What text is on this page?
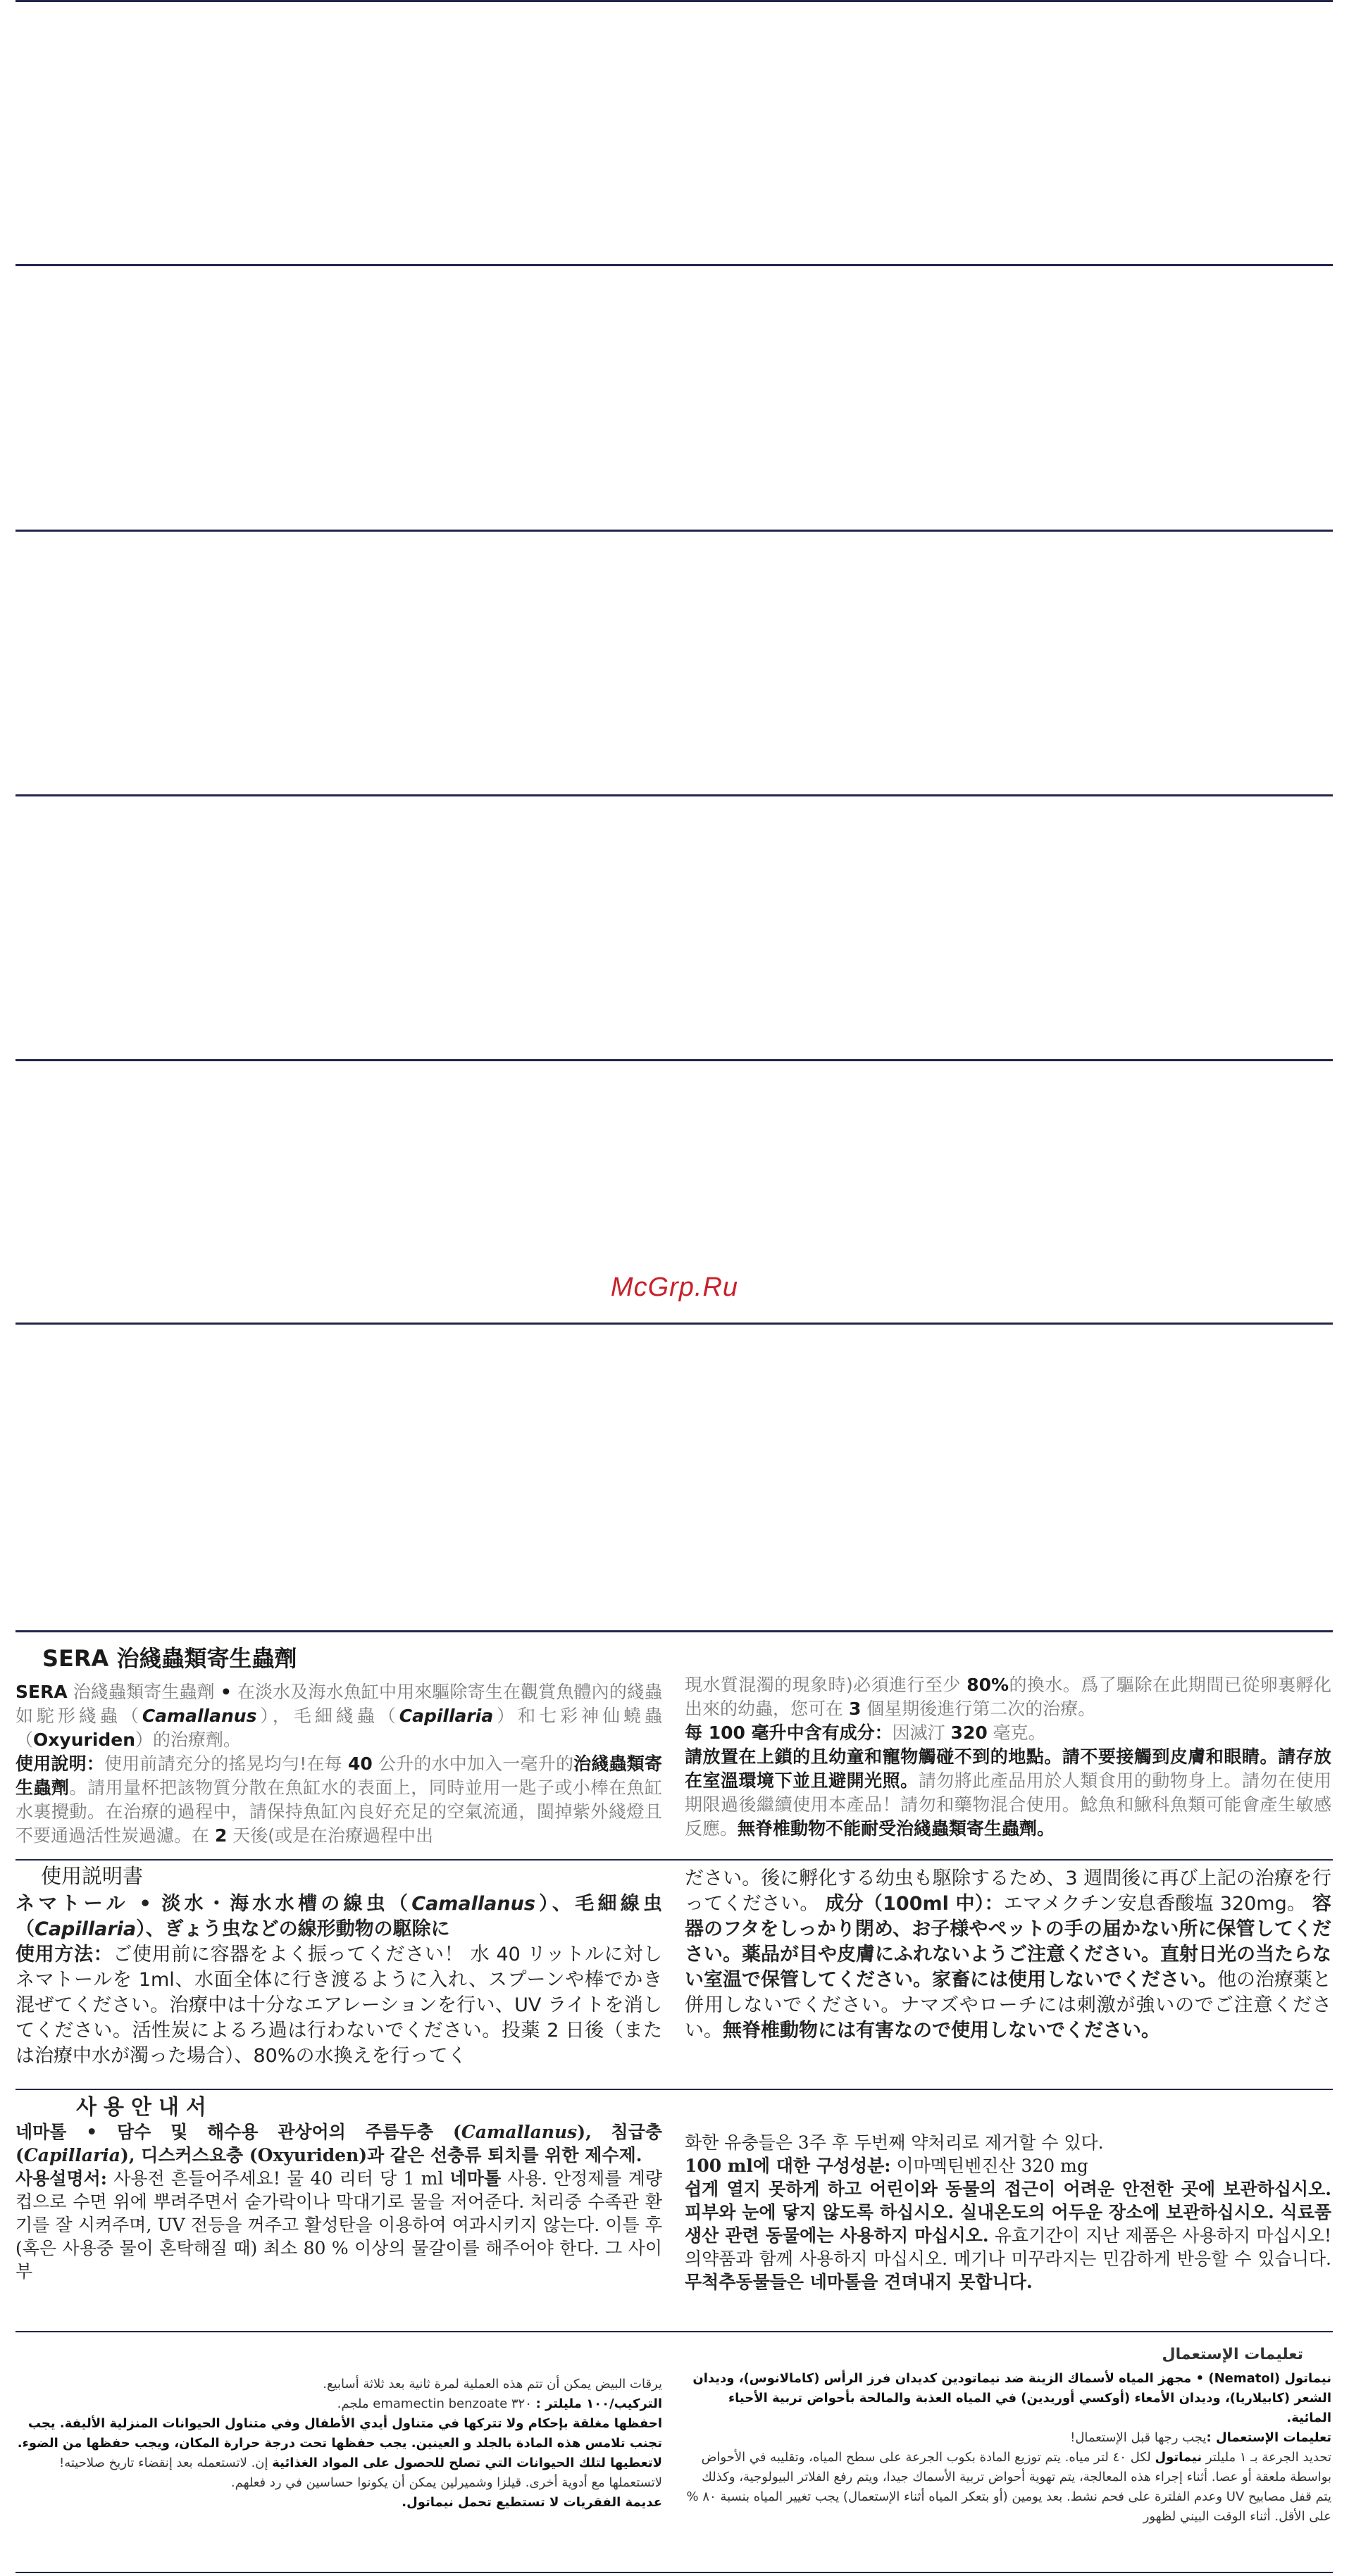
McGrp.Ru
SERA 治綫蟲類寄生蟲劑

SERA 治綫蟲類寄生蟲劑 • 在淡水及海水魚缸中用來驅除寄生在觀賞魚體內的綫蟲如駝形綫蟲（Camallanus），毛細綫蟲（Capillaria）和七彩神仙蟯蟲（Oxyuriden）的治療劑。

使用說明：使用前請充分的搖晃均勻!在每 40 公升的水中加入一毫升的治綫蟲類寄生蟲劑。請用量杯把該物質分散在魚缸水的表面上，同時並用一匙子或小棒在魚缸水裏攪動。在治療的過程中，請保持魚缸內良好充足的空氣流通，閩掉紫外綫燈且不要通過活性炭過濾。在 2 天後(或是在治療過程中出

現水質混濁的現象時)必須進行至少 80%的換水。爲了驅除在此期間已從卵裏孵化出來的幼蟲，您可在 3 個星期後進行第二次的治療。

每 100 毫升中含有成分：因滅汀 320 毫克。

請放置在上鎖的且幼童和寵物觸碰不到的地點。請不要接觸到皮膚和眼睛。請存放在室溫環境下並且避開光照。請勿將此產品用於人類食用的動物身上。請勿在使用期限過後繼續使用本產品！請勿和藥物混合使用。鯰魚和鰍科魚類可能會產生敏感反應。無脊椎動物不能耐受治綫蟲類寄生蟲劑。

使用説明書

ネマトール • 淡水・海水水槽の線虫（Camallanus）、毛細線虫（Capillaria）、ぎょう虫などの線形動物の駆除に

使用方法：ご使用前に容器をよく振ってください！ 水 40 リットルに対しネマトールを 1ml、水面全体に行き渡るように入れ、スプーンや棒でかき混ぜてください。治療中は十分なエアレーションを行い、UV ライトを消してください。活性炭によるろ過は行わないでください。投薬 2 日後（または治療中水が濁った場合）、80%の水換えを行ってく

ださい。後に孵化する幼虫も駆除するため、3 週間後に再び上記の治療を行ってください。 成分（100ml 中）：エマメクチン安息香酸塩 320mg。 容器のフタをしっかり閉め、お子様やペットの手の届かない所に保管してください。薬品が目や皮膚にふれないようご注意ください。直射日光の当たらない室温で保管してください。家畜には使用しないでください。他の治療薬と併用しないでください。ナマズやローチには刺激が強いのでご注意ください。無脊椎動物には有害なので使用しないでください。

사용안내서

네마톨 • 담수 및 해수용 관상어의 주름두충 (Camallanus), 침급충 (Capillaria), 디스커스요충 (Oxyuriden)과 같은 선충류 퇴치를 위한 제수제.

사용설명서: 사용전 흔들어주세요! 물 40 리터 당 1 ml 네마톨 사용. 안정제를 계량컵으로 수면 위에 뿌려주면서 숟가락이나 막대기로 물을 저어준다. 처리중 수족관 환기를 잘 시켜주며, UV 전등을 꺼주고 활성탄을 이용하여 여과시키지 않는다. 이틀 후 (혹은 사용중 물이 혼탁해질 때) 최소 80 % 이상의 물갈이를 해주어야 한다. 그 사이 부

화한 유충들은 3주 후 두번째 약처리로 제거할 수 있다.

100 ml에 대한 구성성분: 이마멕틴벤진산 320 mg

쉽게 열지 못하게 하고 어린이와 동물의 접근이 어려운 안전한 곳에 보관하십시오. 피부와 눈에 닿지 않도록 하십시오. 실내온도의 어두운 장소에 보관하십시오. 식료품 생산 관련 동물에는 사용하지 마십시오. 유효기간이 지난 제품은 사용하지 마십시오! 의약품과 함께 사용하지 마십시오. 메기나 미꾸라지는 민감하게 반응할 수 있습니다. 무척추동물들은 네마톨을 견뎌내지 못합니다.

تعليمات الإستعمال

نيماتول (Nematol) • مجهز المياه لأسماك الزينة ضد نيماتودين كديدان فرز الرأس (كامالانوس)، وديدان الشعر (كابيلاريا)، وديدان الأمعاء (أوكسي أوريدين) في المياه العذبة والمالحة بأحواض تربية الأحياء المائية.

تعليمات الإستعمال :يجب رجها قبل الإستعمال!

تحديد الجرعة بـ ١ مليلتر نيماتول لكل ٤٠ لتر مياه. يتم توزيع المادة بكوب الجرعة على سطح المياه، وتقليبه في الأحواض بواسطة ملعقة أو عصا. أثناء إجراء هذه المعالجة، يتم تهوية أحواض تربية الأسماك جيدا، ويتم رفع الفلاتر البيولوجية، وكذلك يتم قفل مصابيح UV وعدم الفلترة على فحم نشط. بعد يومين (أو بتعكر المياه أثناء الإستعمال) يجب تغيير المياه بنسبة ٨٠ % على الأقل. أثناء الوقت البيني لظهور

يرقات البيض يمكن أن تتم هذه العملية لمرة ثانية بعد ثلاثة أسابيع.

التركيب/١٠٠ مليلتر : ٣٢٠ emamectin benzoate ملجم.

احفظها مغلقة بإحكام ولا تتركها في متناول أيدي الأطفال وفي متناول الحيوانات المنزلية الأليفة. يجب تجنب تلامس هذه المادة بالجلد و العينين. يجب حفظها تحت درجة حرارة المكان، ويجب حفظها من الضوء. لاتعطيها لتلك الحيوانات التي تصلح للحصول على المواد الغذائية إن. لاتستعمله بعد إنقضاء تاريخ صلاحيته! لاتستعملها مع أدوية أخرى. قيلزا وشميرلين يمكن أن يكونوا حساسين في رد فعلهم.

عديمة الفقريات لا تستطيع تحمل نيماتول.
